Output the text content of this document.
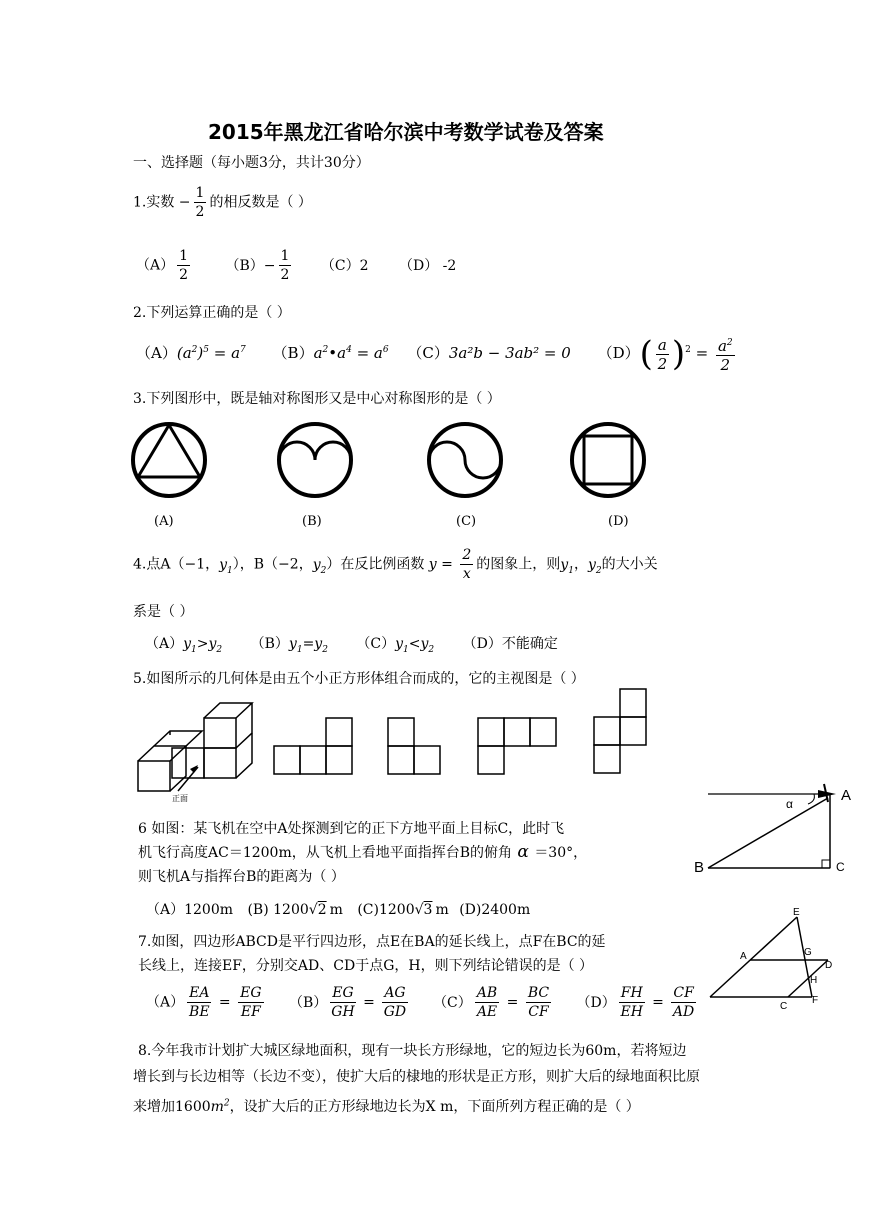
2015年黑龙江省哈尔滨中考数学试卷及答案
一、选择题（每小题3分，共计30分）
1.实数 − $\frac{1}{2}$ 的相反数是（ ）
$(A) \frac{1}{2}$	$(B)- \frac{1}{2} (C)2$ （D） -2
2.下列运算正确的是（ ）
$(A)(a^2)^5 = a^7$ $(B)a^2•a^4 = a^6$ （C）3a²b − 3ab² = 0 $(D)( \frac{a}{2} )^2 = \frac{a^2}{2}$
3.下列图形中，既是轴对称图形又是中心对称图形的是（ ）
(A)	(B)	(C)	(D)
4.点A（−1，$y_1$），B（−2，$y_2$）在反比例函数 $y = \frac{2}{x}$ 的图象上，则$y_1$，$y_2$的大小关
系是（ ）
$(A)y_1>y_2$ $(B)y_1=y_2$ $(C)y_1<y_2$ （D）不能确定
5.如图所示的几何体是由五个小正方形体组合而成的，它的主视图是（ ）
正面	α	A
B	C
6 如图：某飞机在空中A处探测到它的正下方地平面上目标C，此时飞
机飞行高度AC＝1200m，从飞机上看地平面指挥台B的俯角 α ＝30°，
则飞机A与指挥台B的距离为（ ）
（A）1200m (B) 1200√2 m (C)1200√3 m (D)2400m	E
A	G
D
H
C
F
7.如图，四边形ABCD是平行四边形，点E在BA的延长线上，点F在BC的延
长线上，连接EF，分别交AD、CD于点G，H，则下列结论错误的是（ ）
$(A) \frac{EA}{BE} = \frac{EG}{EF} (B) \frac{EG}{GH} = \frac{AG}{GD} (C) \frac{AB}{AE} = \frac{BC}{CF} (D) \frac{FH}{EH} = \frac{CF}{AD}$
8.今年我市计划扩大城区绿地面积，现有一块长方形绿地，它的短边长为60m，若将短边
增长到与长边相等（长边不变），使扩大后的棣地的形状是正方形，则扩大后的绿地面积比原
来增加$1600m^2$，设扩大后的正方形绿地边长为X m，下面所列方程正确的是（ ）
